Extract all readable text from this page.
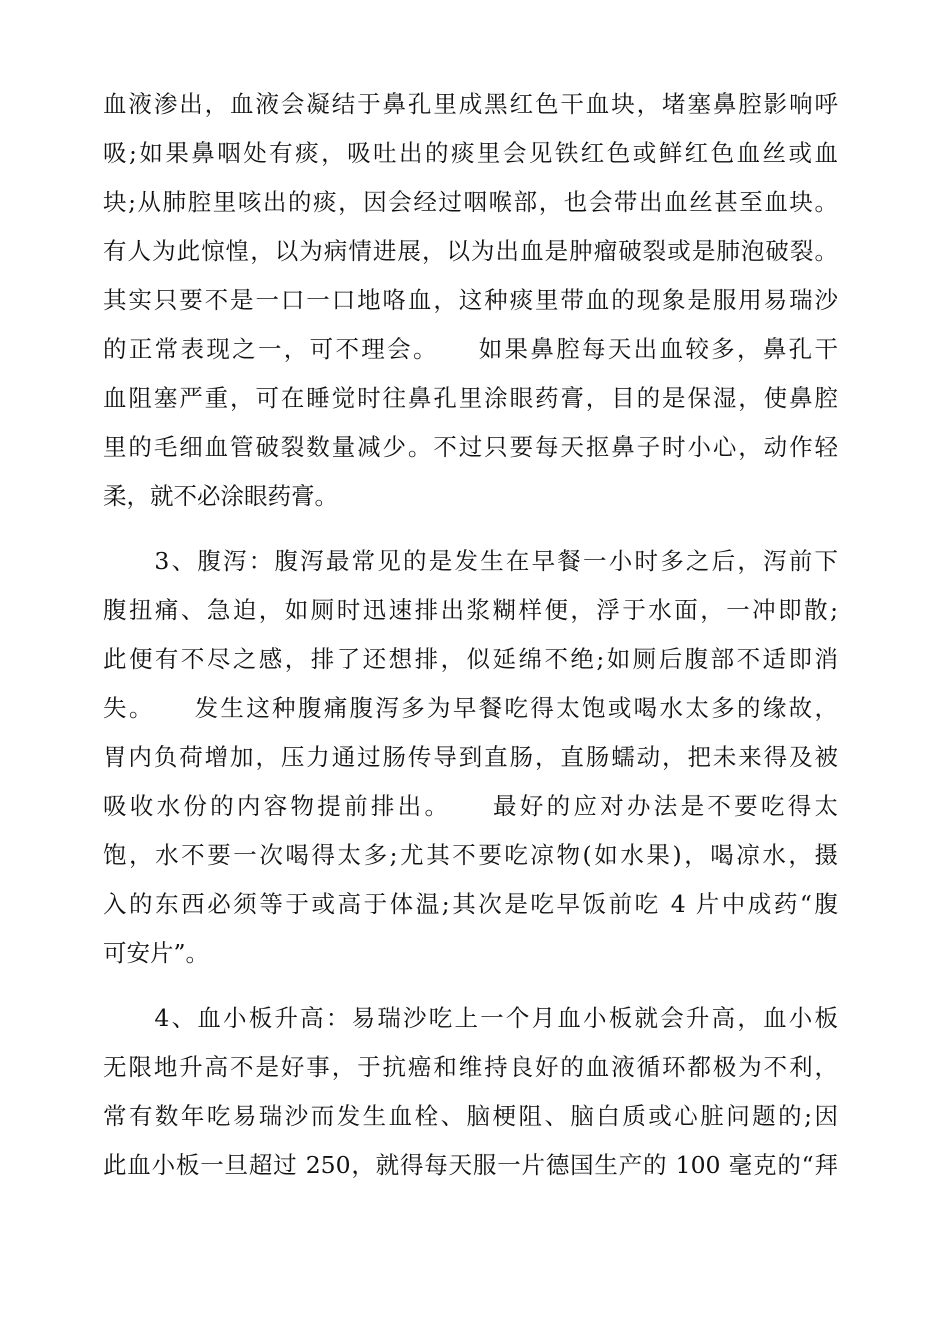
血液渗出，血液会凝结于鼻孔里成黑红色干血块，堵塞鼻腔影响呼
吸;如果鼻咽处有痰，吸吐出的痰里会见铁红色或鲜红色血丝或血
块;从肺腔里咳出的痰，因会经过咽喉部，也会带出血丝甚至血块。
有人为此惊惶，以为病情进展，以为出血是肿瘤破裂或是肺泡破裂。
其实只要不是一口一口地咯血，这种痰里带血的现象是服用易瑞沙
的正常表现之一，可不理会。　　如果鼻腔每天出血较多，鼻孔干
血阻塞严重，可在睡觉时往鼻孔里涂眼药膏，目的是保湿，使鼻腔
里的毛细血管破裂数量减少。不过只要每天抠鼻子时小心，动作轻
柔，就不必涂眼药膏。
　　3、腹泻：腹泻最常见的是发生在早餐一小时多之后，泻前下
腹扭痛、急迫，如厕时迅速排出浆糊样便，浮于水面，一冲即散;
此便有不尽之感，排了还想排，似延绵不绝;如厕后腹部不适即消
失。　　发生这种腹痛腹泻多为早餐吃得太饱或喝水太多的缘故，
胃内负荷增加，压力通过肠传导到直肠，直肠蠕动，把未来得及被
吸收水份的内容物提前排出。　　最好的应对办法是不要吃得太
饱，水不要一次喝得太多;尤其不要吃凉物(如水果)，喝凉水，摄
入的东西必须等于或高于体温;其次是吃早饭前吃 4 片中成药“腹
可安片”。
　　4、血小板升高：易瑞沙吃上一个月血小板就会升高，血小板
无限地升高不是好事，于抗癌和维持良好的血液循环都极为不利，
常有数年吃易瑞沙而发生血栓、脑梗阻、脑白质或心脏问题的;因
此血小板一旦超过 250，就得每天服一片德国生产的 100 毫克的“拜
